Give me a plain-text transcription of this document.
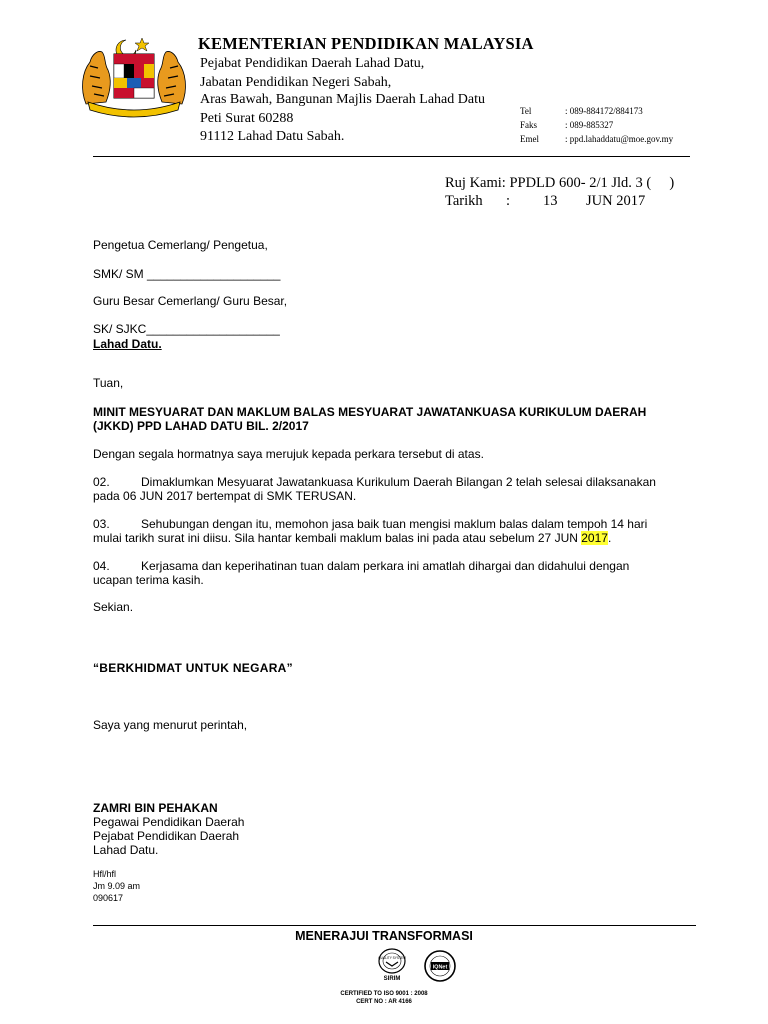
KEMENTERIAN PENDIDIKAN MALAYSIA
Pejabat Pendidikan Daerah Lahad Datu,
Jabatan Pendidikan Negeri Sabah,
Aras Bawah, Bangunan Majlis Daerah Lahad Datu
Peti Surat 60288
91112 Lahad Datu Sabah.
Tel	: 089-884172/884173
Faks	: 089-885327
Emel	: ppd.lahaddatu@moe.gov.my
Ruj Kami: PPDLD 600- 2/1 Jld. 3 (     )
Tarikh : 13 JUN 2017
Pengetua Cemerlang/ Pengetua,
SMK/ SM ____________________
Guru Besar Cemerlang/ Guru Besar,
SK/ SJKC____________________
Lahad Datu.
Tuan,
MINIT MESYUARAT DAN MAKLUM BALAS MESYUARAT JAWATANKUASA KURIKULUM DAERAH
(JKKD) PPD LAHAD DATU BIL. 2/2017
Dengan segala hormatnya saya merujuk kepada perkara tersebut di atas.
02.	Dimaklumkan Mesyuarat Jawatankuasa Kurikulum Daerah Bilangan 2 telah selesai dilaksanakan
pada 06 JUN 2017 bertempat di SMK TERUSAN.
03.	Sehubungan dengan itu, memohon jasa baik tuan mengisi maklum balas dalam tempoh 14 hari
mulai tarikh surat ini diisu. Sila hantar kembali maklum balas ini pada atau sebelum 27 JUN 2017.
04.	Kerjasama dan keperihatinan tuan dalam perkara ini amatlah dihargai dan didahului dengan
ucapan terima kasih.
Sekian.
“BERKHIDMAT UNTUK NEGARA”
Saya yang menurut perintah,
ZAMRI BIN PEHAKAN
Pegawai Pendidikan Daerah
Pejabat Pendidikan Daerah
Lahad Datu.
Hfl/hfl
Jm 9.09 am
090617
MENERAJUI TRANSFORMASI
QUALITY SYSTEM
SIRIM
IQNet
CERTIFIED TO ISO 9001 : 2008
CERT NO : AR 4166
